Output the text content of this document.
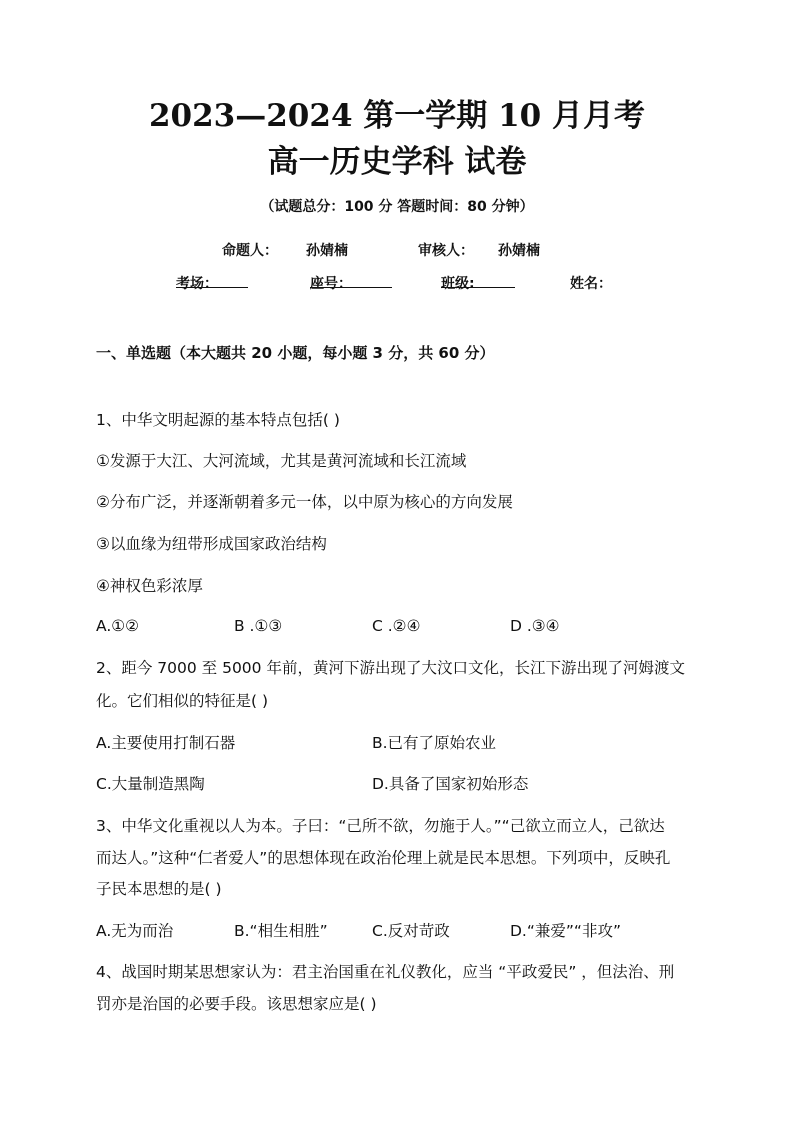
2023—2024 第一学期 10 月月考
高一历史学科 试卷
（试题总分：100 分 答题时间：80 分钟）
命题人： 孙婧楠	审核人： 孙婧楠
考场：	座号：	班级:	姓名：
一、单选题（本大题共 20 小题，每小题 3 分，共 60 分）
1、中华文明起源的基本特点包括( )
①发源于大江、大河流域，尤其是黄河流域和长江流域
②分布广泛，并逐渐朝着多元一体，以中原为核心的方向发展
③以血缘为纽带形成国家政治结构
④神权色彩浓厚
A.①②	B .①③	C .②④	D .③④
2、距今 7000 至 5000 年前，黄河下游出现了大汶口文化，长江下游出现了河姆渡文
化。它们相似的特征是( )
A.主要使用打制石器	B.已有了原始农业
C.大量制造黑陶	D.具备了国家初始形态
3、中华文化重视以人为本。子曰：“己所不欲，勿施于人。”“己欲立而立人，己欲达
而达人。”这种“仁者爱人”的思想体现在政治伦理上就是民本思想。下列项中，反映孔
子民本思想的是( )
A.无为而治	B.“相生相胜”	C.反对苛政	D.“兼爱”“非攻”
4、战国时期某思想家认为：君主治国重在礼仪教化，应当 “平政爱民” ，但法治、刑
罚亦是治国的必要手段。该思想家应是( )
